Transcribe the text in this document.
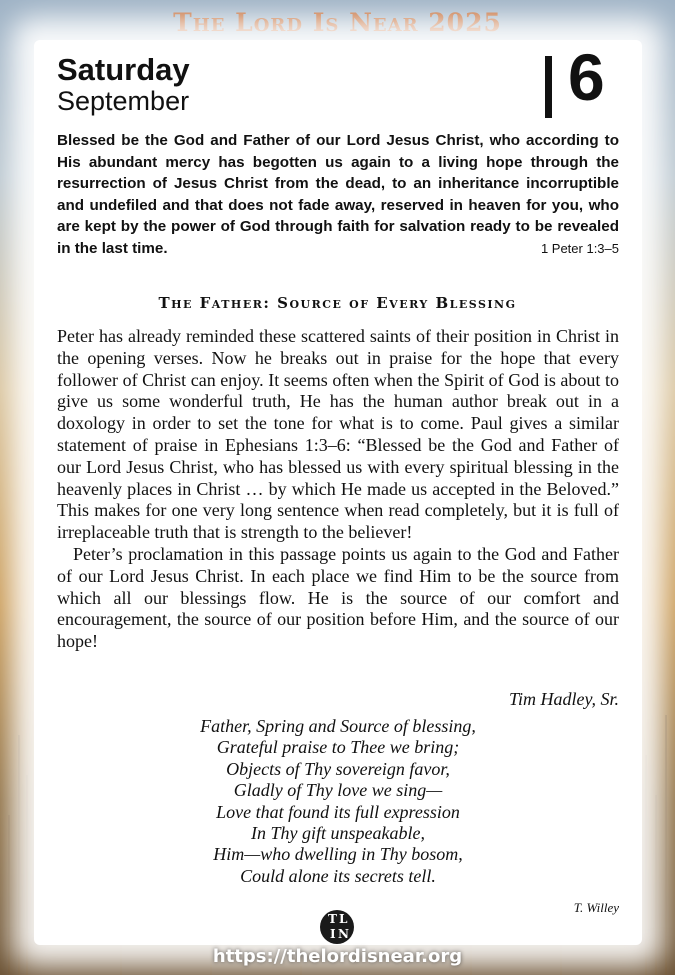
The Lord Is Near 2025
Saturday
September	6
Blessed be the God and Father of our Lord Jesus Christ, who according to His abundant mercy has begotten us again to a living hope through the resurrection of Jesus Christ from the dead, to an inheritance incorruptible and undefiled and that does not fade away, reserved in heaven for you, who are kept by the power of God through faith for salvation ready to be revealed in the last time.	1 Peter 1:3–5
The Father: Source of Every Blessing

Peter has already reminded these scattered saints of their position in Christ in the opening verses. Now he breaks out in praise for the hope that every follower of Christ can enjoy. It seems often when the Spirit of God is about to give us some wonderful truth, He has the human author break out in a doxology in order to set the tone for what is to come. Paul gives a similar statement of praise in Ephesians 1:3–6: “Blessed be the God and Father of our Lord Jesus Christ, who has blessed us with every spiritual blessing in the heavenly places in Christ … by which He made us accepted in the Beloved.” This makes for one very long sentence when read completely, but it is full of irreplaceable truth that is strength to the believer!

Peter’s proclamation in this passage points us again to the God and Father of our Lord Jesus Christ. In each place we find Him to be the source from which all our blessings flow. He is the source of our comfort and encouragement, the source of our position before Him, and the source of our hope!

Tim Hadley, Sr.
Father, Spring and Source of blessing,
Grateful praise to Thee we bring;
Objects of Thy sovereign favor,
Gladly of Thy love we sing—
Love that found its full expression
In Thy gift unspeakable,
Him—who dwelling in Thy bosom,
Could alone its secrets tell.
T. Willey
T L
I N
https://thelordisnear.org
